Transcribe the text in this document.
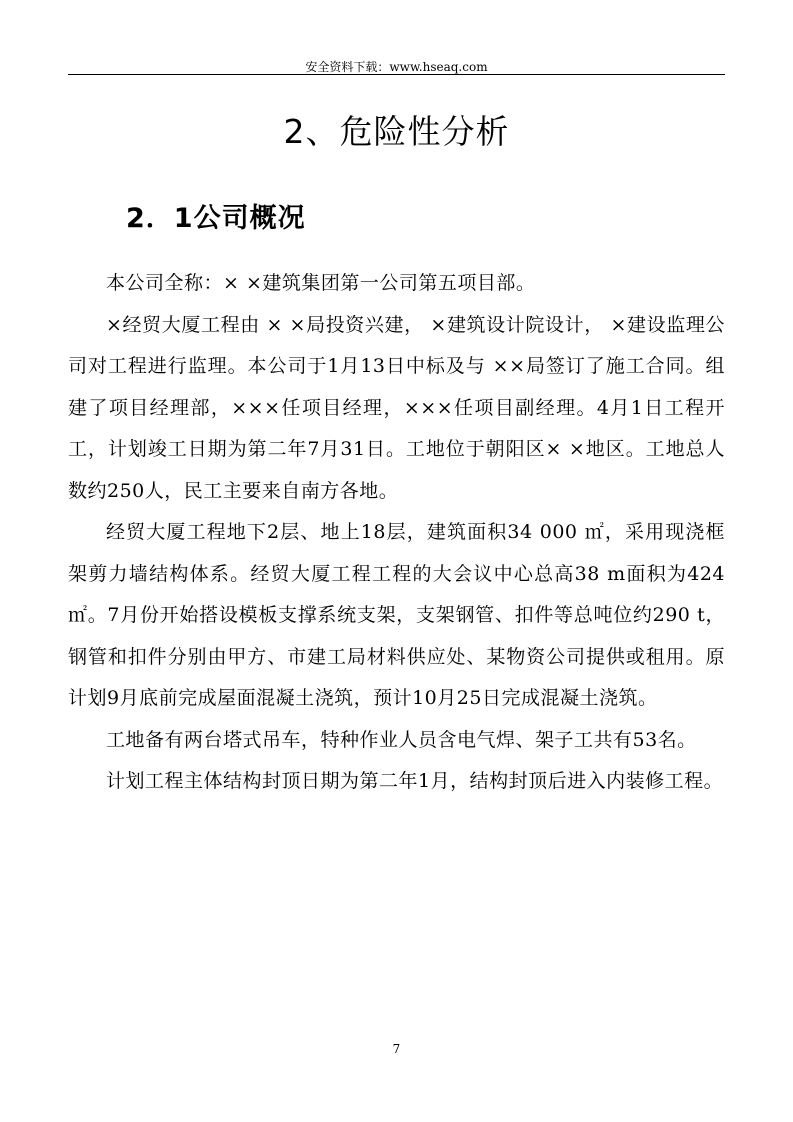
安全资料下载：www.hseaq.com
2、危险性分析
2．1公司概况

本公司全称：× ×建筑集团第一公司第五项目部。

×经贸大厦工程由 × ×局投资兴建， ×建筑设计院设计， ×建设监理公司对工程进行监理。本公司于1月13日中标及与 ××局签订了施工合同。组建了项目经理部，×××任项目经理，×××任项目副经理。4月1日工程开工，计划竣工日期为第二年7月31日。工地位于朝阳区× ×地区。工地总人数约250人，民工主要来自南方各地。

经贸大厦工程地下2层、地上18层，建筑面积34 000 ㎡，采用现浇框架剪力墙结构体系。经贸大厦工程工程的大会议中心总高38 m面积为424 ㎡。7月份开始搭设模板支撑系统支架，支架钢管、扣件等总吨位约290 t，钢管和扣件分别由甲方、市建工局材料供应处、某物资公司提供或租用。原计划9月底前完成屋面混凝土浇筑，预计10月25日完成混凝土浇筑。

工地备有两台塔式吊车，特种作业人员含电气焊、架子工共有53名。

计划工程主体结构封顶日期为第二年1月，结构封顶后进入内装修工程。

7
